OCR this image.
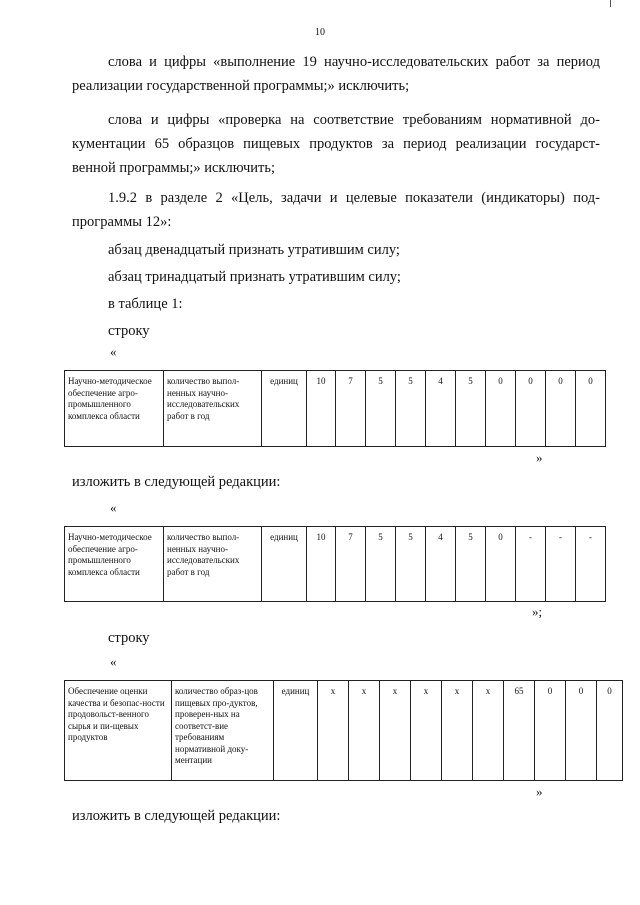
10

слова и цифры «выполнение 19 научно-исследовательских работ за период

реализации государственной программы;» исключить;

слова и цифры «проверка на соответствие требованиям нормативной до-

кументации 65 образцов пищевых продуктов за период реализации государст-

венной программы;» исключить;

1.9.2 в разделе 2 «Цель, задачи и целевые показатели (индикаторы) под-

программы 12»:

абзац двенадцатый признать утратившим силу;

абзац тринадцатый признать утратившим силу;

в таблице 1:

строку

«
Научно-методическое обеспечение агро-промышленного комплекса области	количество выпол-ненных научно-исследовательских работ в год	единиц	10	7	5	5	4	5	0	0	0	0
»

изложить в следующей редакции:

«
Научно-методическое обеспечение агро-промышленного комплекса области	количество выпол-ненных научно-исследовательских работ в год	единиц	10	7	5	5	4	5	0	-	-	-
»;

строку

«
Обеспечение оценки качества и безопас-ности продовольст-венного сырья и пи-щевых продуктов	количество образ-цов пищевых про-дуктов, проверен-ных на соответст-вие требованиям нормативной доку-ментации	единиц	x	x	x	x	x	x	65	0	0	0
»

изложить в следующей редакции:
